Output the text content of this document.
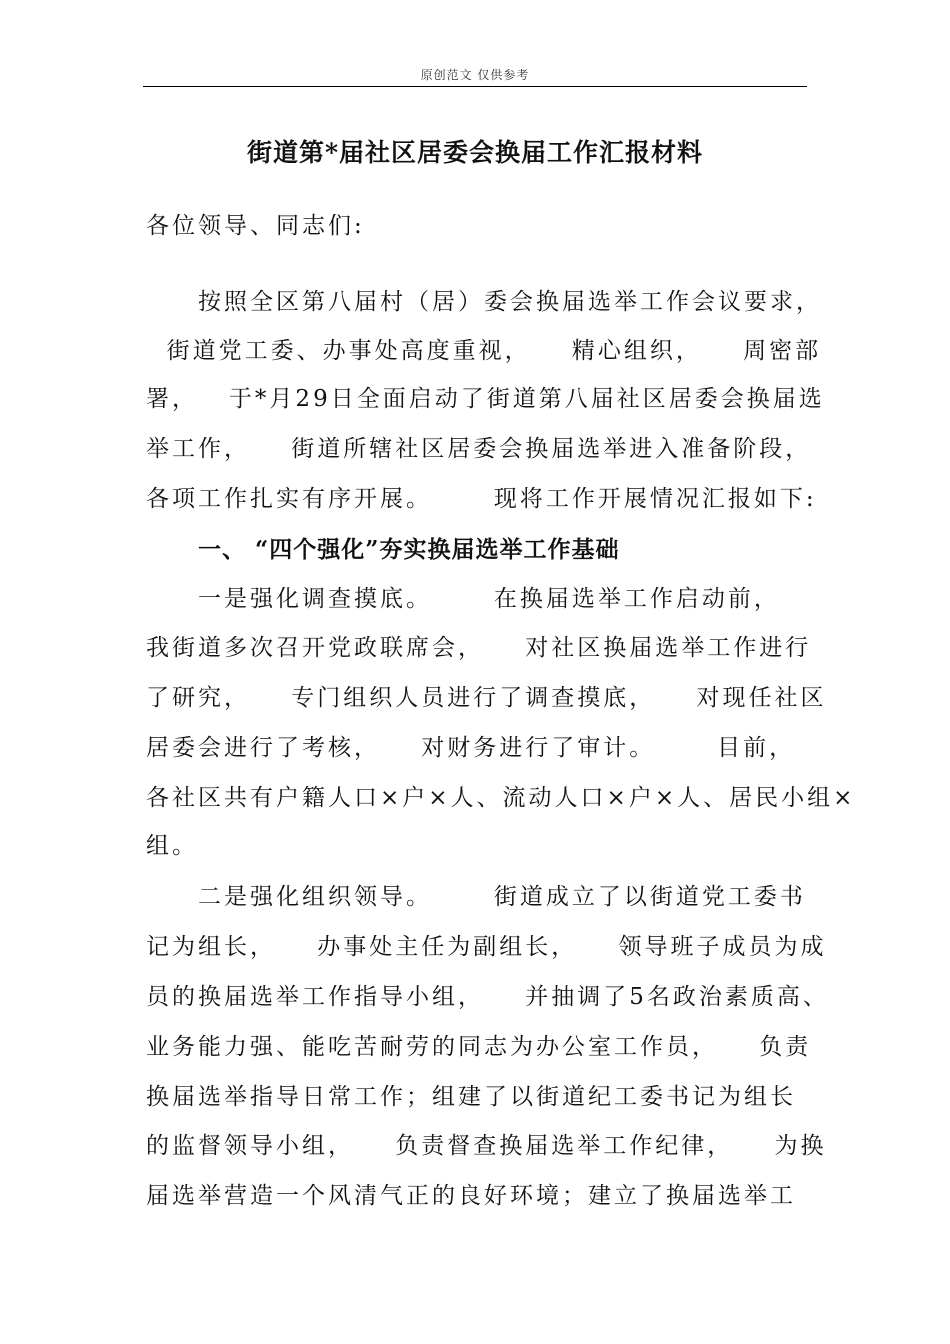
原创范文 仅供参考
街道第*届社区居委会换届工作汇报材料
各位领导、同志们:
按照全区第八届村（居）委会换届选举工作会议要求，
街道党工委、办事处高度重视，    精心组织，    周密部
署，   于*月29日全面启动了街道第八届社区居委会换届选
举工作，    街道所辖社区居委会换届选举进入准备阶段，
各项工作扎实有序开展。      现将工作开展情况汇报如下:
一、 “四个强化”夯实换届选举工作基础
一是强化调查摸底。      在换届选举工作启动前，
我街道多次召开党政联席会，    对社区换届选举工作进行
了研究，    专门组织人员进行了调查摸底，    对现任社区
居委会进行了考核，    对财务进行了审计。      目前，
各社区共有户籍人口×户×人、流动人口×户×人、居民小组×
组。
二是强化组织领导。      街道成立了以街道党工委书
记为组长，    办事处主任为副组长，    领导班子成员为成
员的换届选举工作指导小组，    并抽调了5名政治素质高、
业务能力强、能吃苦耐劳的同志为办公室工作员，    负责
换届选举指导日常工作；组建了以街道纪工委书记为组长
的监督领导小组，    负责督查换届选举工作纪律，    为换
届选举营造一个风清气正的良好环境；建立了换届选举工
